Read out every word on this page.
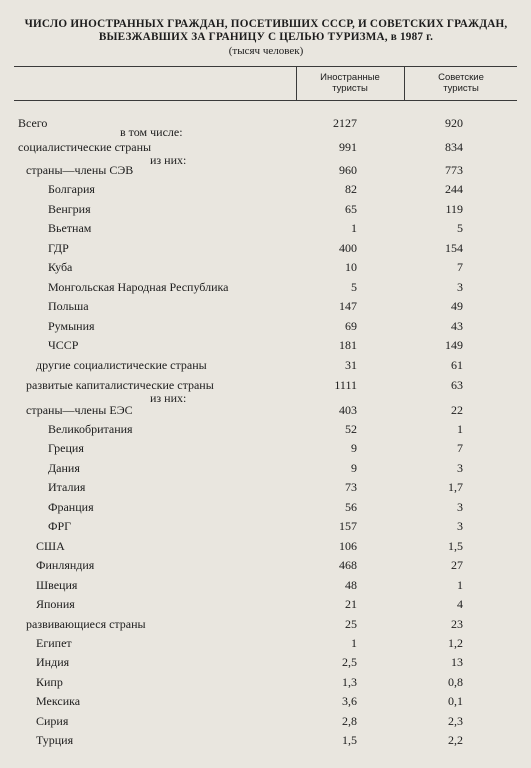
ЧИСЛО ИНОСТРАННЫХ ГРАЖДАН, ПОСЕТИВШИХ СССР, И СОВЕТСКИХ ГРАЖДАН,
ВЫЕЗЖАВШИХ ЗА ГРАНИЦУ С ЦЕЛЬЮ ТУРИЗМА, в 1987 г.
(тысяч человек)
Иностранные
туристы
Советские
туристы
в том числе:
из них:
из них:
Всего	2127	920
социалистические страны	991	834
страны—члены СЭВ	960	773
Болгария	82	244
Венгрия	65	119
Вьетнам	1	5
ГДР	400	154
Куба	10	7
Монгольская Народная Республика	5	3
Польша	147	49
Румыния	69	43
ЧССР	181	149
другие социалистические страны	31	61
развитые капиталистические страны	1111	63
страны—члены ЕЭС	403	22
Великобритания	52	1
Греция	9	7
Дания	9	3
Италия	73	1,7
Франция	56	3
ФРГ	157	3
США	106	1,5
Финляндия	468	27
Швеция	48	1
Япония	21	4
развивающиеся страны	25	23
Египет	1	1,2
Индия	2,5	13
Кипр	1,3	0,8
Мексика	3,6	0,1
Сирия	2,8	2,3
Турция	1,5	2,2
